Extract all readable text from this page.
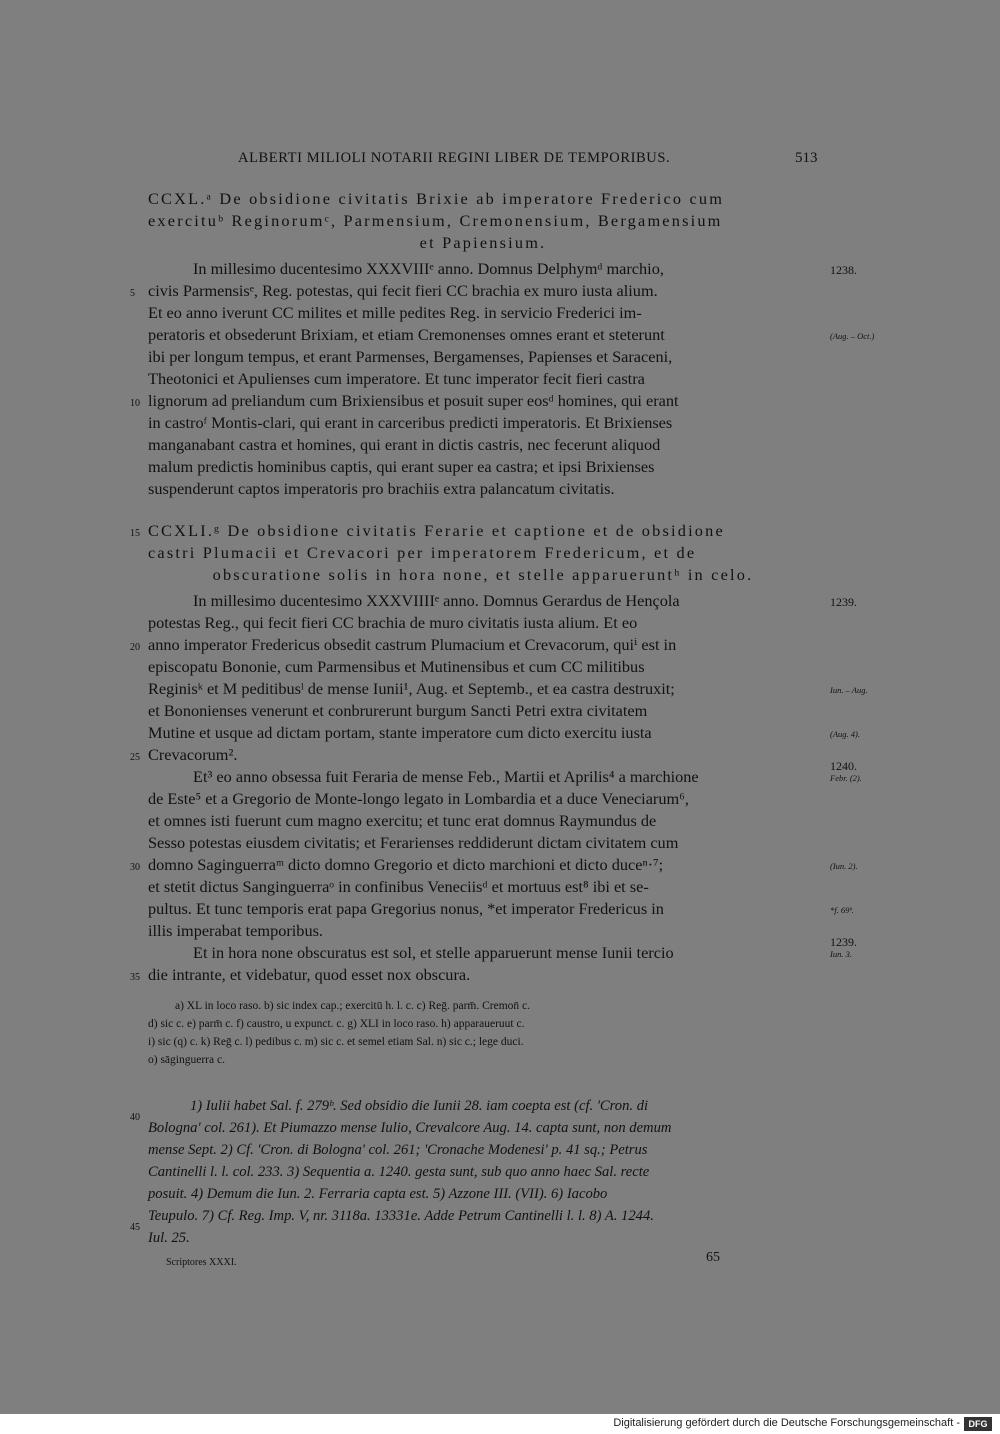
ALBERTI MILIOLI NOTARII REGINI LIBER DE TEMPORIBUS.	513
CCXL.ᵃ De obsidione civitatis Brixie ab imperatore Frederico cum
exercituᵇ Reginorumᶜ, Parmensium, Cremonensium, Bergamensium
et Papiensium.
In millesimo ducentesimo XXXVIIIᵉ anno. Domnus Delphymᵈ marchio,
civis Parmensisᵉ, Reg. potestas, qui fecit fieri CC brachia ex muro iusta alium.
Et eo anno iverunt CC milites et mille pedites Reg. in servicio Frederici im-
peratoris et obsederunt Brixiam, et etiam Cremonenses omnes erant et steterunt
ibi per longum tempus, et erant Parmenses, Bergamenses, Papienses et Saraceni,
Theotonici et Apulienses cum imperatore. Et tunc imperator fecit fieri castra
lignorum ad preliandum cum Brixiensibus et posuit super eosᵈ homines, qui erant
in castroᶠ Montis-clari, qui erant in carceribus predicti imperatoris. Et Brixienses
manganabant castra et homines, qui erant in dictis castris, nec fecerunt aliquod
malum predictis hominibus captis, qui erant super ea castra; et ipsi Brixienses
suspenderunt captos imperatoris pro brachiis extra palancatum civitatis.
CCXLI.ᵍ De obsidione civitatis Ferarie et captione et de obsidione
castri Plumacii et Crevacori per imperatorem Fredericum, et de
obscuratione solis in hora none, et stelle apparueruntʰ in celo.
In millesimo ducentesimo XXXVIIIIᵉ anno. Domnus Gerardus de Hençola
potestas Reg., qui fecit fieri CC brachia de muro civitatis iusta alium. Et eo
anno imperator Fredericus obsedit castrum Plumacium et Crevacorum, quiⁱ est in
episcopatu Bononie, cum Parmensibus et Mutinensibus et cum CC militibus
Reginisᵏ et M peditibusˡ de mense Iunii¹, Aug. et Septemb., et ea castra destruxit;
et Bononienses venerunt et conbrurerunt burgum Sancti Petri extra civitatem
Mutine et usque ad dictam portam, stante imperatore cum dicto exercitu iusta
Crevacorum².
Et³ eo anno obsessa fuit Feraria de mense Feb., Martii et Aprilis⁴ a marchione
de Este⁵ et a Gregorio de Monte-longo legato in Lombardia et a duce Veneciarum⁶,
et omnes isti fuerunt cum magno exercitu; et tunc erat domnus Raymundus de
Sesso potestas eiusdem civitatis; et Ferarienses reddiderunt dictam civitatem cum
domno Saginguerraᵐ dicto domno Gregorio et dicto marchioni et dicto duceⁿ·⁷;
et stetit dictus Sanginguerraᵒ in confinibus Veneciisᵈ et mortuus est⁸ ibi et se-
pultus. Et tunc temporis erat papa Gregorius nonus, *et imperator Fredericus in
illis imperabat temporibus.
Et in hora none obscuratus est sol, et stelle apparuerunt mense Iunii tercio
die intrante, et videbatur, quod esset nox obscura.
5
10
15
20
25
30
35
40
45
1238.
(Aug. – Oct.)
1239.
Iun. – Aug.
(Aug. 4).
1240.
Febr. (2).
(Iun. 2).
*f. 69ᵇ.
1239.
Iun. 3.
a) XL in loco raso. b) sic index cap.; exercitū h. l. c. c) Reḡ. parm̄. Cremon̄ c.
d) sic c. e) parm̄ c. f) caustro, u expunct. c. g) XLI in loco raso. h) apparaueruut c.
i) sic (q) c. k) Reḡ c. l) pedibus c. m) sic c. et semel etiam Sal. n) sic c.; lege duci.
o) sāginguerra c.
1) Iulii habet Sal. f. 279ᵇ. Sed obsidio die Iunii 28. iam coepta est (cf. 'Cron. di
Bologna' col. 261). Et Piumazzo mense Iulio, Crevalcore Aug. 14. capta sunt, non demum
mense Sept. 2) Cf. 'Cron. di Bologna' col. 261; 'Cronache Modenesi' p. 41 sq.; Petrus
Cantinelli l. l. col. 233. 3) Sequentia a. 1240. gesta sunt, sub quo anno haec Sal. recte
posuit. 4) Demum die Iun. 2. Ferraria capta est. 5) Azzone III. (VII). 6) Iacobo
Teupulo. 7) Cf. Reg. Imp. V, nr. 3118a. 13331e. Adde Petrum Cantinelli l. l. 8) A. 1244.
Iul. 25.
Scriptores XXXI.	65
Digitalisierung gefördert durch die Deutsche Forschungsgemeinschaft - DFG
